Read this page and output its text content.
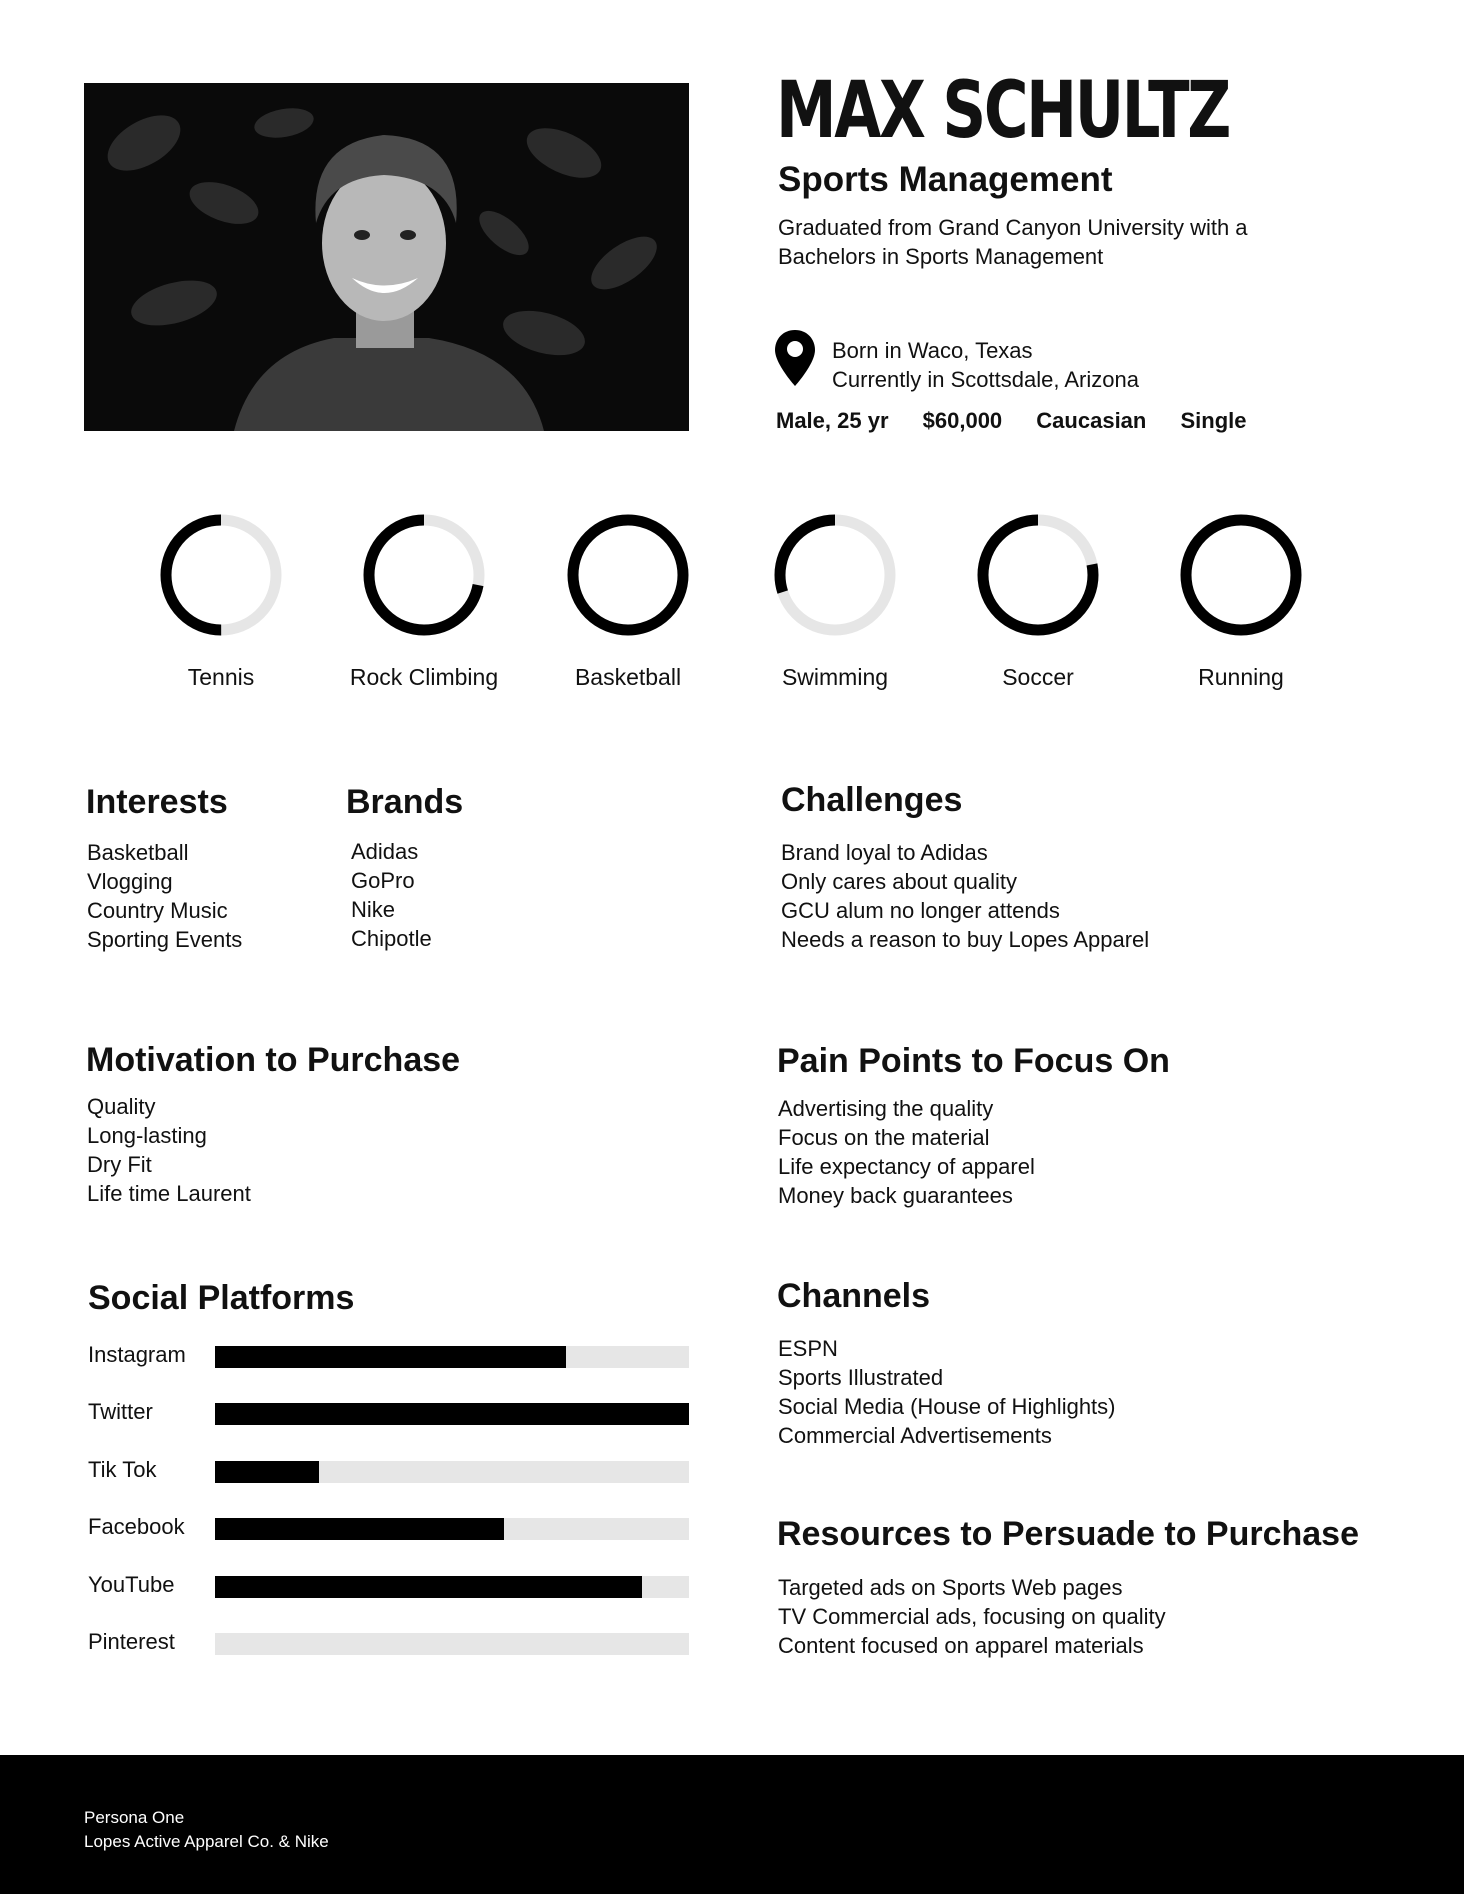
MAX SCHULTZ
Sports Management
Graduated from Grand Canyon University with a
Bachelors in Sports Management
Born in Waco, Texas
Currently in Scottsdale, Arizona
Male, 25 yr $60,000 Caucasian Single
Tennis	Rock Climbing	Basketball	Swimming	Soccer	Running
Interests
Basketball
Vlogging
Country Music
Sporting Events
Brands
Adidas
GoPro
Nike
Chipotle
Challenges
Brand loyal to Adidas
Only cares about quality
GCU alum no longer attends
Needs a reason to buy Lopes Apparel
Motivation to Purchase
Quality
Long-lasting
Dry Fit
Life time Laurent
Pain Points to Focus On
Advertising the quality
Focus on the material
Life expectancy of apparel
Money back guarantees
Social Platforms
Instagram
Twitter
Tik Tok
Facebook
YouTube
Pinterest
Channels
ESPN
Sports Illustrated
Social Media (House of Highlights)
Commercial Advertisements
Resources to Persuade to Purchase
Targeted ads on Sports Web pages
TV Commercial ads, focusing on quality
Content focused on apparel materials
Persona One
Lopes Active Apparel Co. & Nike
